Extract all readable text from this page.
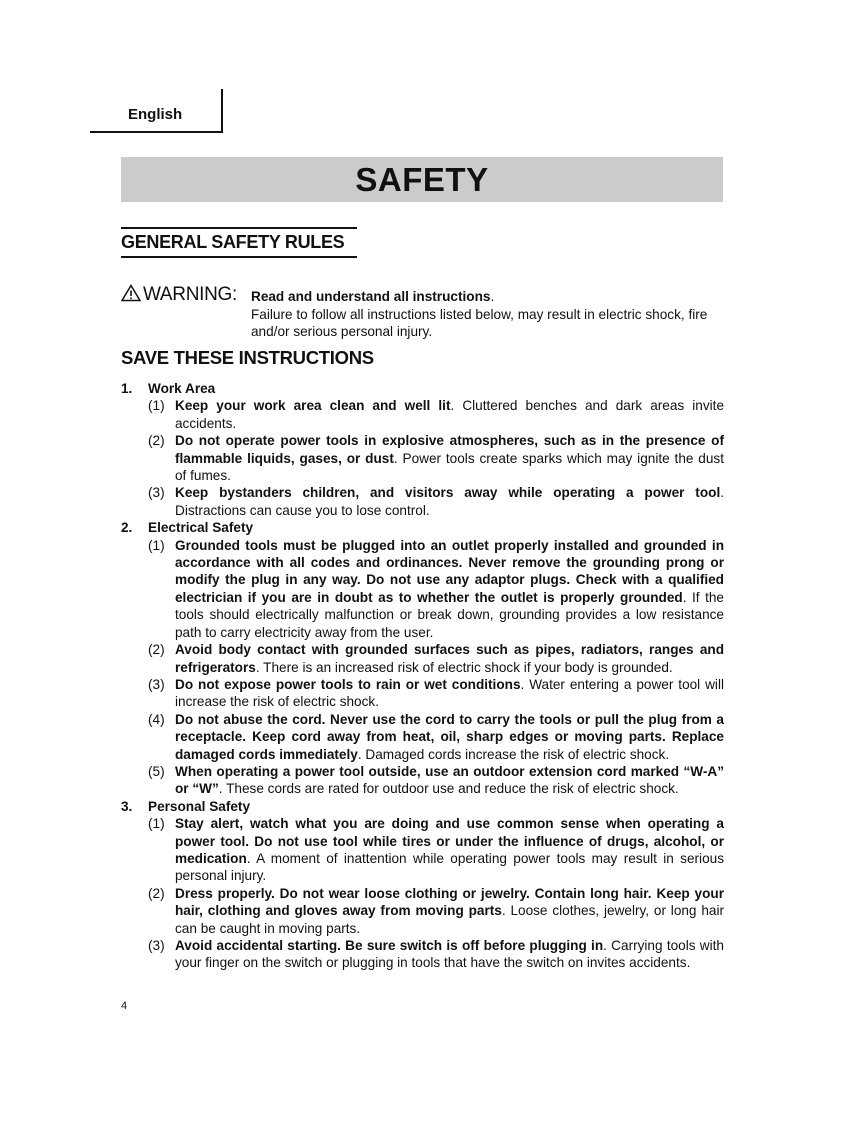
English
SAFETY
GENERAL SAFETY RULES
WARNING: Read and understand all instructions.
Failure to follow all instructions listed below, may result in electric shock, fire and/or serious personal injury.
SAVE THESE INSTRUCTIONS
1. Work Area
(1) Keep your work area clean and well lit. Cluttered benches and dark areas invite accidents.
(2) Do not operate power tools in explosive atmospheres, such as in the presence of flammable liquids, gases, or dust. Power tools create sparks which may ignite the dust of fumes.
(3) Keep bystanders children, and visitors away while operating a power tool. Distractions can cause you to lose control.
2. Electrical Safety
(1) Grounded tools must be plugged into an outlet properly installed and grounded in accordance with all codes and ordinances. Never remove the grounding prong or modify the plug in any way. Do not use any adaptor plugs. Check with a qualified electrician if you are in doubt as to whether the outlet is properly grounded. If the tools should electrically malfunction or break down, grounding provides a low resistance path to carry electricity away from the user.
(2) Avoid body contact with grounded surfaces such as pipes, radiators, ranges and refrigerators. There is an increased risk of electric shock if your body is grounded.
(3) Do not expose power tools to rain or wet conditions. Water entering a power tool will increase the risk of electric shock.
(4) Do not abuse the cord. Never use the cord to carry the tools or pull the plug from a receptacle. Keep cord away from heat, oil, sharp edges or moving parts. Replace damaged cords immediately. Damaged cords increase the risk of electric shock.
(5) When operating a power tool outside, use an outdoor extension cord marked “W-A” or “W”. These cords are rated for outdoor use and reduce the risk of electric shock.
3. Personal Safety
(1) Stay alert, watch what you are doing and use common sense when operating a power tool. Do not use tool while tires or under the influence of drugs, alcohol, or medication. A moment of inattention while operating power tools may result in serious personal injury.
(2) Dress properly. Do not wear loose clothing or jewelry. Contain long hair. Keep your hair, clothing and gloves away from moving parts. Loose clothes, jewelry, or long hair can be caught in moving parts.
(3) Avoid accidental starting. Be sure switch is off before plugging in. Carrying tools with your finger on the switch or plugging in tools that have the switch on invites accidents.
4
